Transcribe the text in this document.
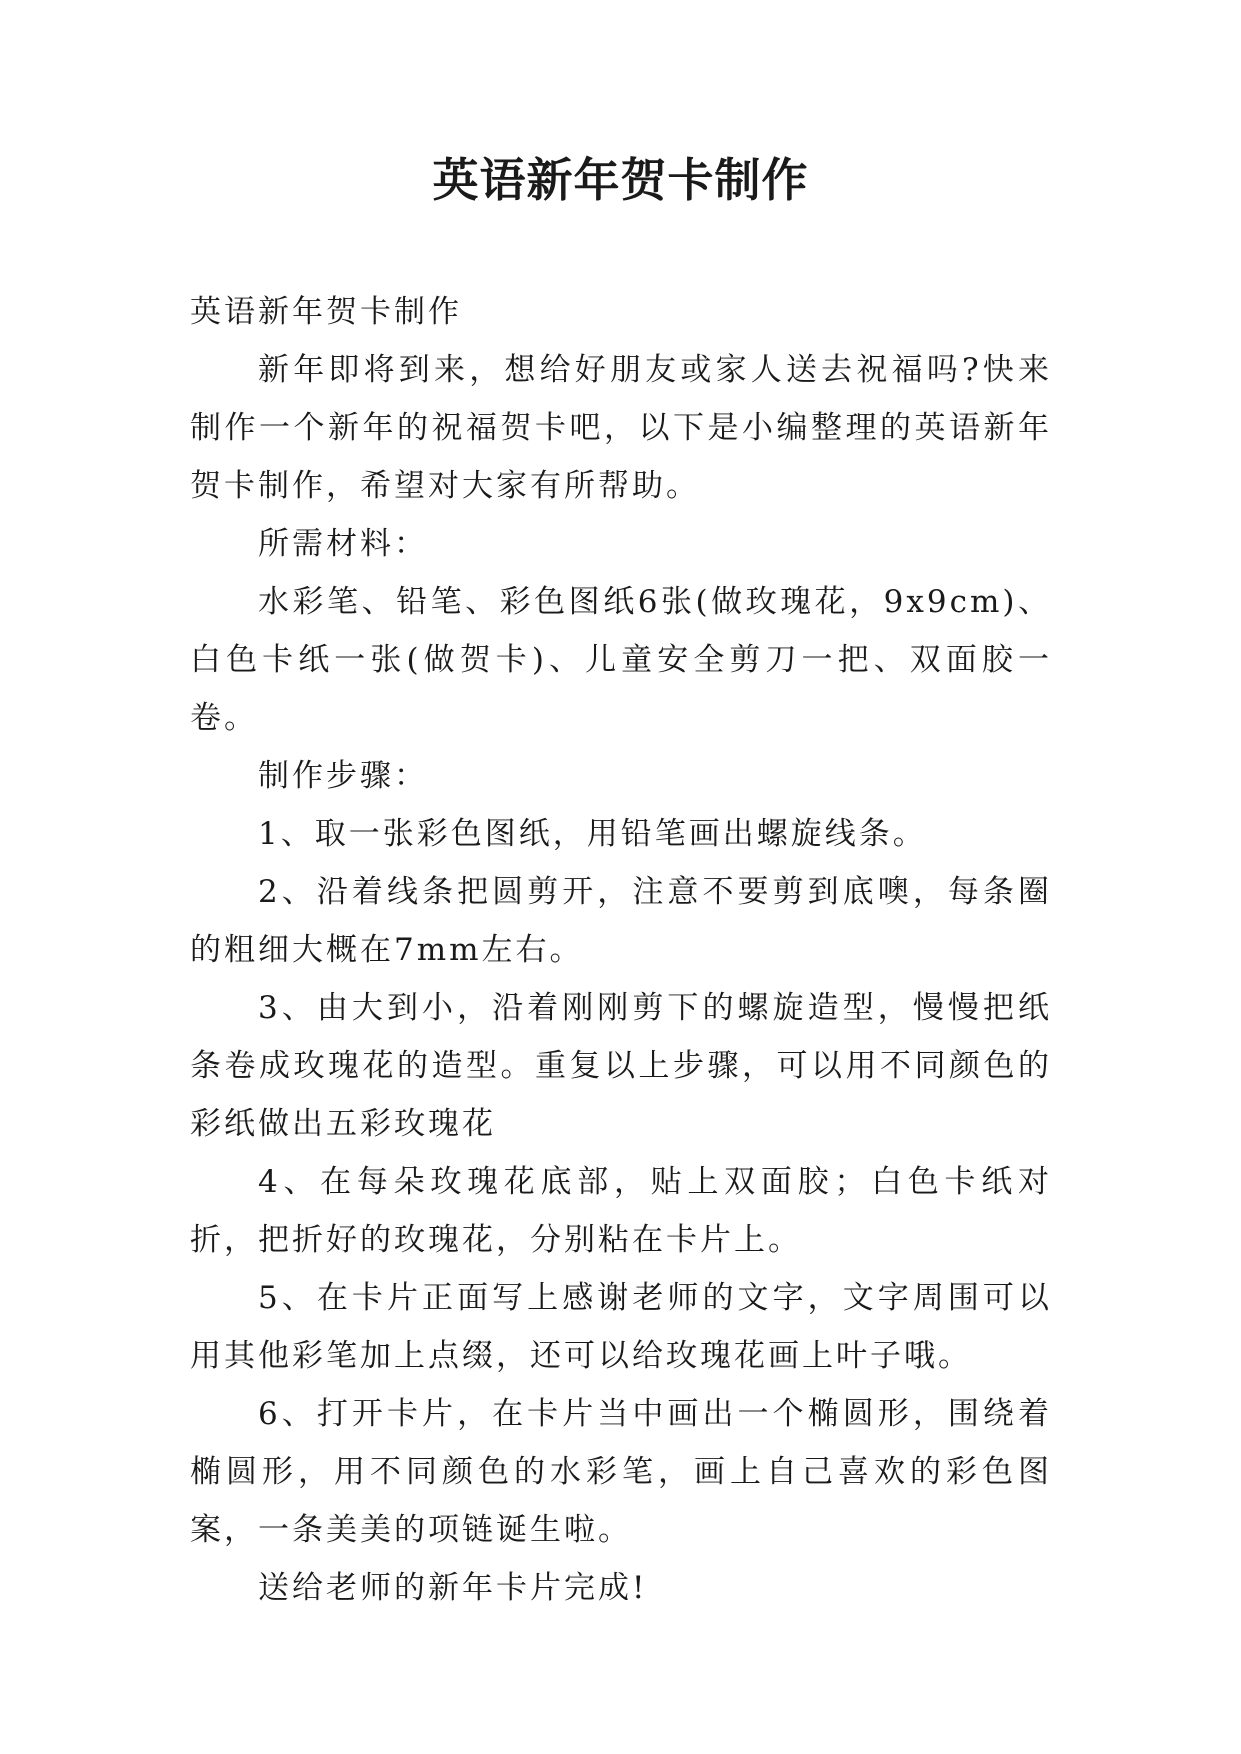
英语新年贺卡制作

英语新年贺卡制作

新年即将到来，想给好朋友或家人送去祝福吗?快来制作一个新年的祝福贺卡吧，以下是小编整理的英语新年贺卡制作，希望对大家有所帮助。

所需材料：

水彩笔、铅笔、彩色图纸6张(做玫瑰花，9x9cm)、白色卡纸一张(做贺卡)、儿童安全剪刀一把、双面胶一卷。

制作步骤：

1、取一张彩色图纸，用铅笔画出螺旋线条。

2、沿着线条把圆剪开，注意不要剪到底噢，每条圈的粗细大概在7mm左右。

3、由大到小，沿着刚刚剪下的螺旋造型，慢慢把纸条卷成玫瑰花的造型。重复以上步骤，可以用不同颜色的彩纸做出五彩玫瑰花

4、在每朵玫瑰花底部，贴上双面胶；白色卡纸对折，把折好的玫瑰花，分别粘在卡片上。

5、在卡片正面写上感谢老师的文字，文字周围可以用其他彩笔加上点缀，还可以给玫瑰花画上叶子哦。

6、打开卡片，在卡片当中画出一个椭圆形，围绕着椭圆形，用不同颜色的水彩笔，画上自己喜欢的彩色图案，一条美美的项链诞生啦。

送给老师的新年卡片完成!
